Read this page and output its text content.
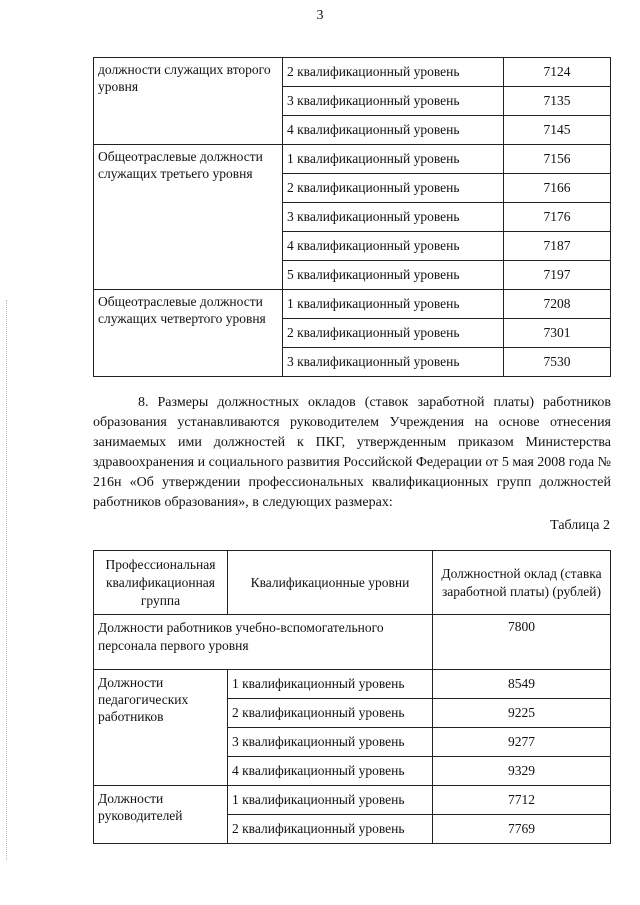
3
должности служащих второго уровня	2 квалификационный уровень	7124
	3 квалификационный уровень	7135
	4 квалификационный уровень	7145
Общеотраслевые должности служащих третьего уровня	1 квалификационный уровень	7156
	2 квалификационный уровень	7166
	3 квалификационный уровень	7176
	4 квалификационный уровень	7187
	5 квалификационный уровень	7197
Общеотраслевые должности служащих четвертого уровня	1 квалификационный уровень	7208
	2 квалификационный уровень	7301
	3 квалификационный уровень	7530

8. Размеры должностных окладов (ставок заработной платы) работников образования устанавливаются руководителем Учреждения на основе отнесения занимаемых ими должностей к ПКГ, утвержденным приказом Министерства здравоохранения и социального развития Российской Федерации от 5 мая 2008 года № 216н «Об утверждении профессиональных квалификационных групп должностей работников образования», в следующих размерах:

Таблица 2
Профессиональная квалификационная группа	Квалификационные уровни	Должностной оклад (ставка заработной платы) (рублей)
Должности работников учебно-вспомогательного персонала первого уровня		7800
Должности педагогических работников	1 квалификационный уровень	8549
	2 квалификационный уровень	9225
	3 квалификационный уровень	9277
	4 квалификационный уровень	9329
Должности руководителей	1 квалификационный уровень	7712
	2 квалификационный уровень	7769
